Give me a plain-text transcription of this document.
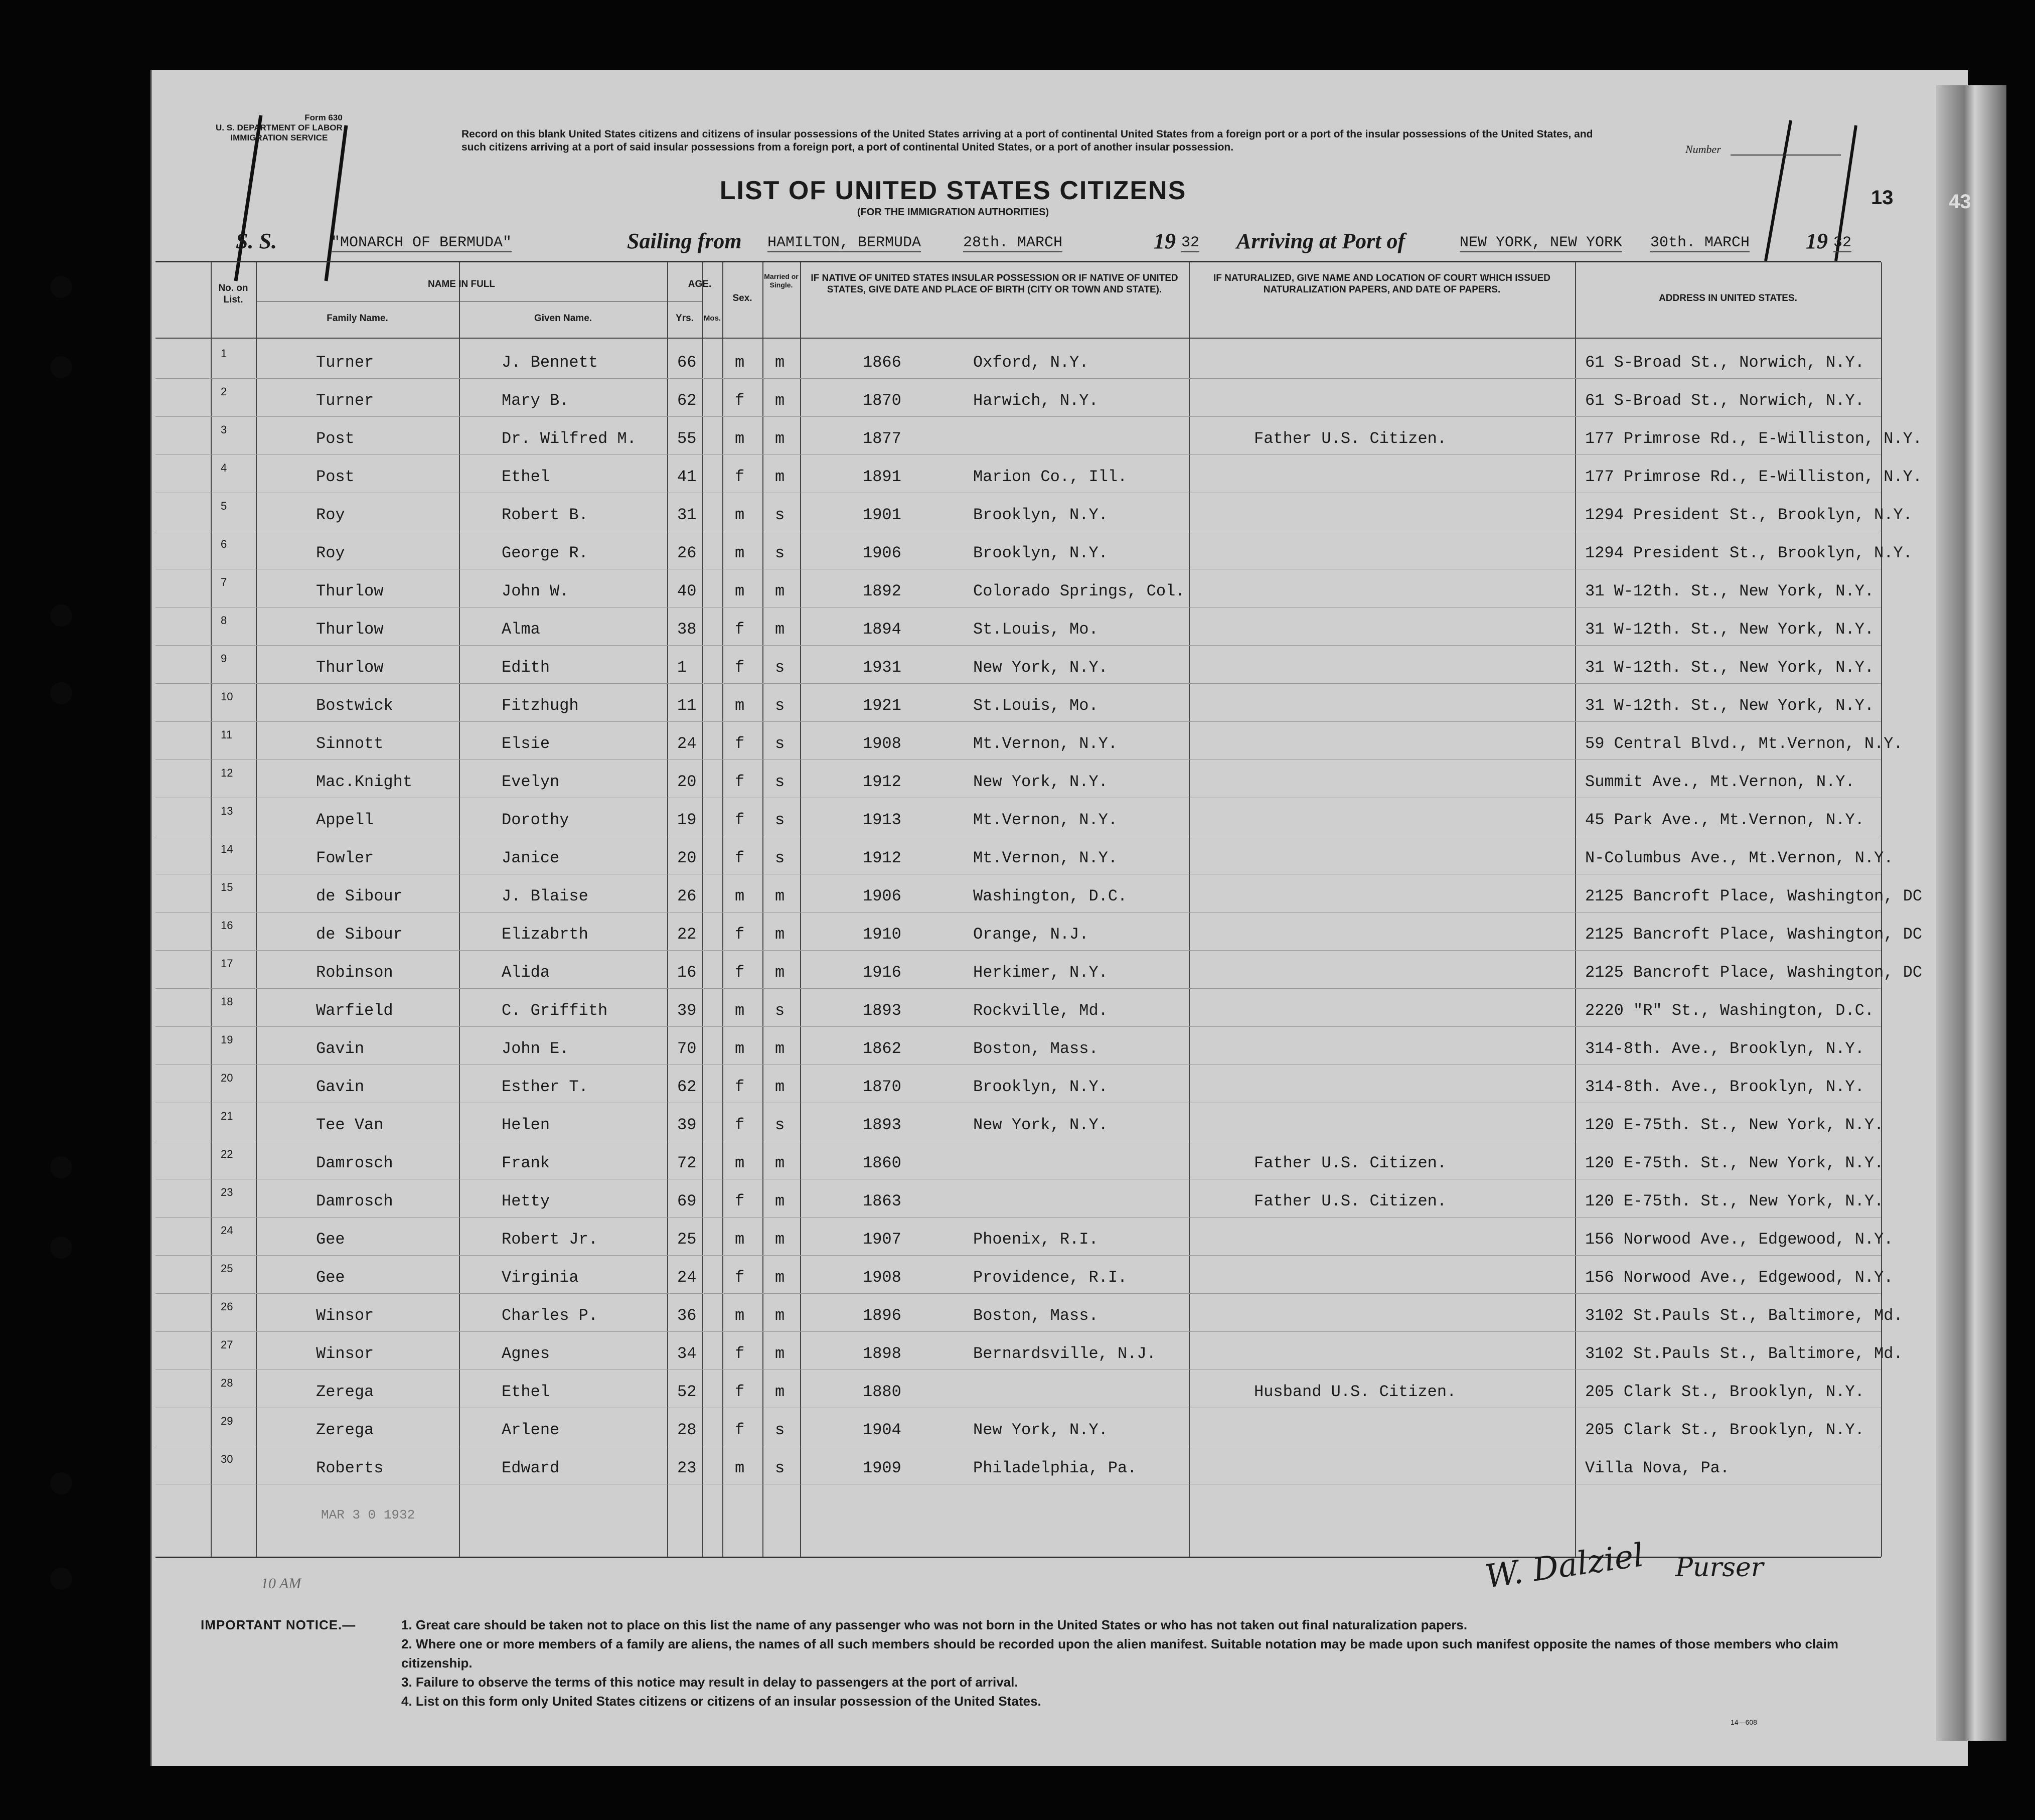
Form 630
U. S. DEPARTMENT OF LABOR
IMMIGRATION SERVICE	Record on this blank United States citizens and citizens of insular possessions of the United States arriving at a port of continental United States from a foreign port or a port of the insular possessions of the United States, and such citizens arriving at a port of said insular possessions from a foreign port, a port of continental United States, or a port of another insular possession.
LIST OF UNITED STATES CITIZENS
(FOR THE IMMIGRATION AUTHORITIES)
Number
13	43
S. S.	"MONARCH OF BERMUDA"	Sailing from HAMILTON, BERMUDA	28th. MARCH	19 32 Arriving at Port of	NEW YORK, NEW YORK 30th. MARCH	19 32
No. on List.
NAME IN FULL
Family Name.	Given Name.
AGE.
Yrs.	Mos.
Sex.
Married or Single.
IF NATIVE OF UNITED STATES INSULAR POSSESSION OR IF NATIVE OF UNITED STATES, GIVE DATE AND PLACE OF BIRTH (CITY OR TOWN AND STATE).
IF NATURALIZED, GIVE NAME AND LOCATION OF COURT WHICH ISSUED NATURALIZATION PAPERS, AND DATE OF PAPERS.
ADDRESS IN UNITED STATES.
1	Turner	J. Bennett	66 m m	1866	Oxford, N.Y.	61 S-Broad St., Norwich, N.Y.
2	Turner	Mary B.	62 f m	1870	Harwich, N.Y.	61 S-Broad St., Norwich, N.Y.
3	Post	Dr. Wilfred M.	55 m m	1877	Father U.S. Citizen.	177 Primrose Rd., E-Williston, N.Y.
4	Post	Ethel	41 f m	1891	Marion Co., Ill.	177 Primrose Rd., E-Williston, N.Y.
5	Roy	Robert B.	31 m s	1901	Brooklyn, N.Y.	1294 President St., Brooklyn, N.Y.
6	Roy	George R.	26 m s	1906	Brooklyn, N.Y.	1294 President St., Brooklyn, N.Y.
7	Thurlow	John W.	40 m m	1892	Colorado Springs, Col.	31 W-12th. St., New York, N.Y.
8	Thurlow	Alma	38 f m	1894	St.Louis, Mo.	31 W-12th. St., New York, N.Y.
9	Thurlow	Edith	1	f s	1931	New York, N.Y.	31 W-12th. St., New York, N.Y.
10	Bostwick	Fitzhugh	11 m s	1921	St.Louis, Mo.	31 W-12th. St., New York, N.Y.
11	Sinnott	Elsie	24 f s	1908	Mt.Vernon, N.Y.	59 Central Blvd., Mt.Vernon, N.Y.
12	Mac.Knight	Evelyn	20 f s	1912	New York, N.Y.	Summit Ave., Mt.Vernon, N.Y.
13	Appell	Dorothy	19 f s	1913	Mt.Vernon, N.Y.	45 Park Ave., Mt.Vernon, N.Y.
14	Fowler	Janice	20 f s	1912	Mt.Vernon, N.Y.	N-Columbus Ave., Mt.Vernon, N.Y.
15	de Sibour	J. Blaise	26 m m	1906	Washington, D.C.	2125 Bancroft Place, Washington, DC
16	de Sibour	Elizabrth	22 f m	1910	Orange, N.J.	2125 Bancroft Place, Washington, DC
17	Robinson	Alida	16 f m	1916	Herkimer, N.Y.	2125 Bancroft Place, Washington, DC
18	Warfield	C. Griffith	39 m s	1893	Rockville, Md.	2220 "R" St., Washington, D.C.
19	Gavin	John E.	70 m m	1862	Boston, Mass.	314-8th. Ave., Brooklyn, N.Y.
20	Gavin	Esther T.	62 f m	1870	Brooklyn, N.Y.	314-8th. Ave., Brooklyn, N.Y.
21	Tee Van	Helen	39 f s	1893	New York, N.Y.	120 E-75th. St., New York, N.Y.
22	Damrosch	Frank	72 m m	1860	Father U.S. Citizen.	120 E-75th. St., New York, N.Y.
23	Damrosch	Hetty	69 f m	1863	Father U.S. Citizen.	120 E-75th. St., New York, N.Y.
24	Gee	Robert Jr.	25 m m	1907	Phoenix, R.I.	156 Norwood Ave., Edgewood, N.Y.
25	Gee	Virginia	24 f m	1908	Providence, R.I.	156 Norwood Ave., Edgewood, N.Y.
26	Winsor	Charles P.	36 m m	1896	Boston, Mass.	3102 St.Pauls St., Baltimore, Md.
27	Winsor	Agnes	34 f m	1898	Bernardsville, N.J.	3102 St.Pauls St., Baltimore, Md.
28	Zerega	Ethel	52 f m	1880	Husband U.S. Citizen.	205 Clark St., Brooklyn, N.Y.
29	Zerega	Arlene	28 f s	1904	New York, N.Y.	205 Clark St., Brooklyn, N.Y.
30	Roberts	Edward	23 m s	1909	Philadelphia, Pa.	Villa Nova, Pa.
MAR 3 0 1932
10 AM	W. Dalziel Purser
IMPORTANT NOTICE.—	1. Great care should be taken not to place on this list the name of any passenger who was not born in the United States or who has not taken out final naturalization papers.
2. Where one or more members of a family are aliens, the names of all such members should be recorded upon the alien manifest. Suitable notation may be made upon such manifest opposite the names of those members who claim citizenship.
3. Failure to observe the terms of this notice may result in delay to passengers at the port of arrival.
4. List on this form only United States citizens or citizens of an insular possession of the United States.
14—608
